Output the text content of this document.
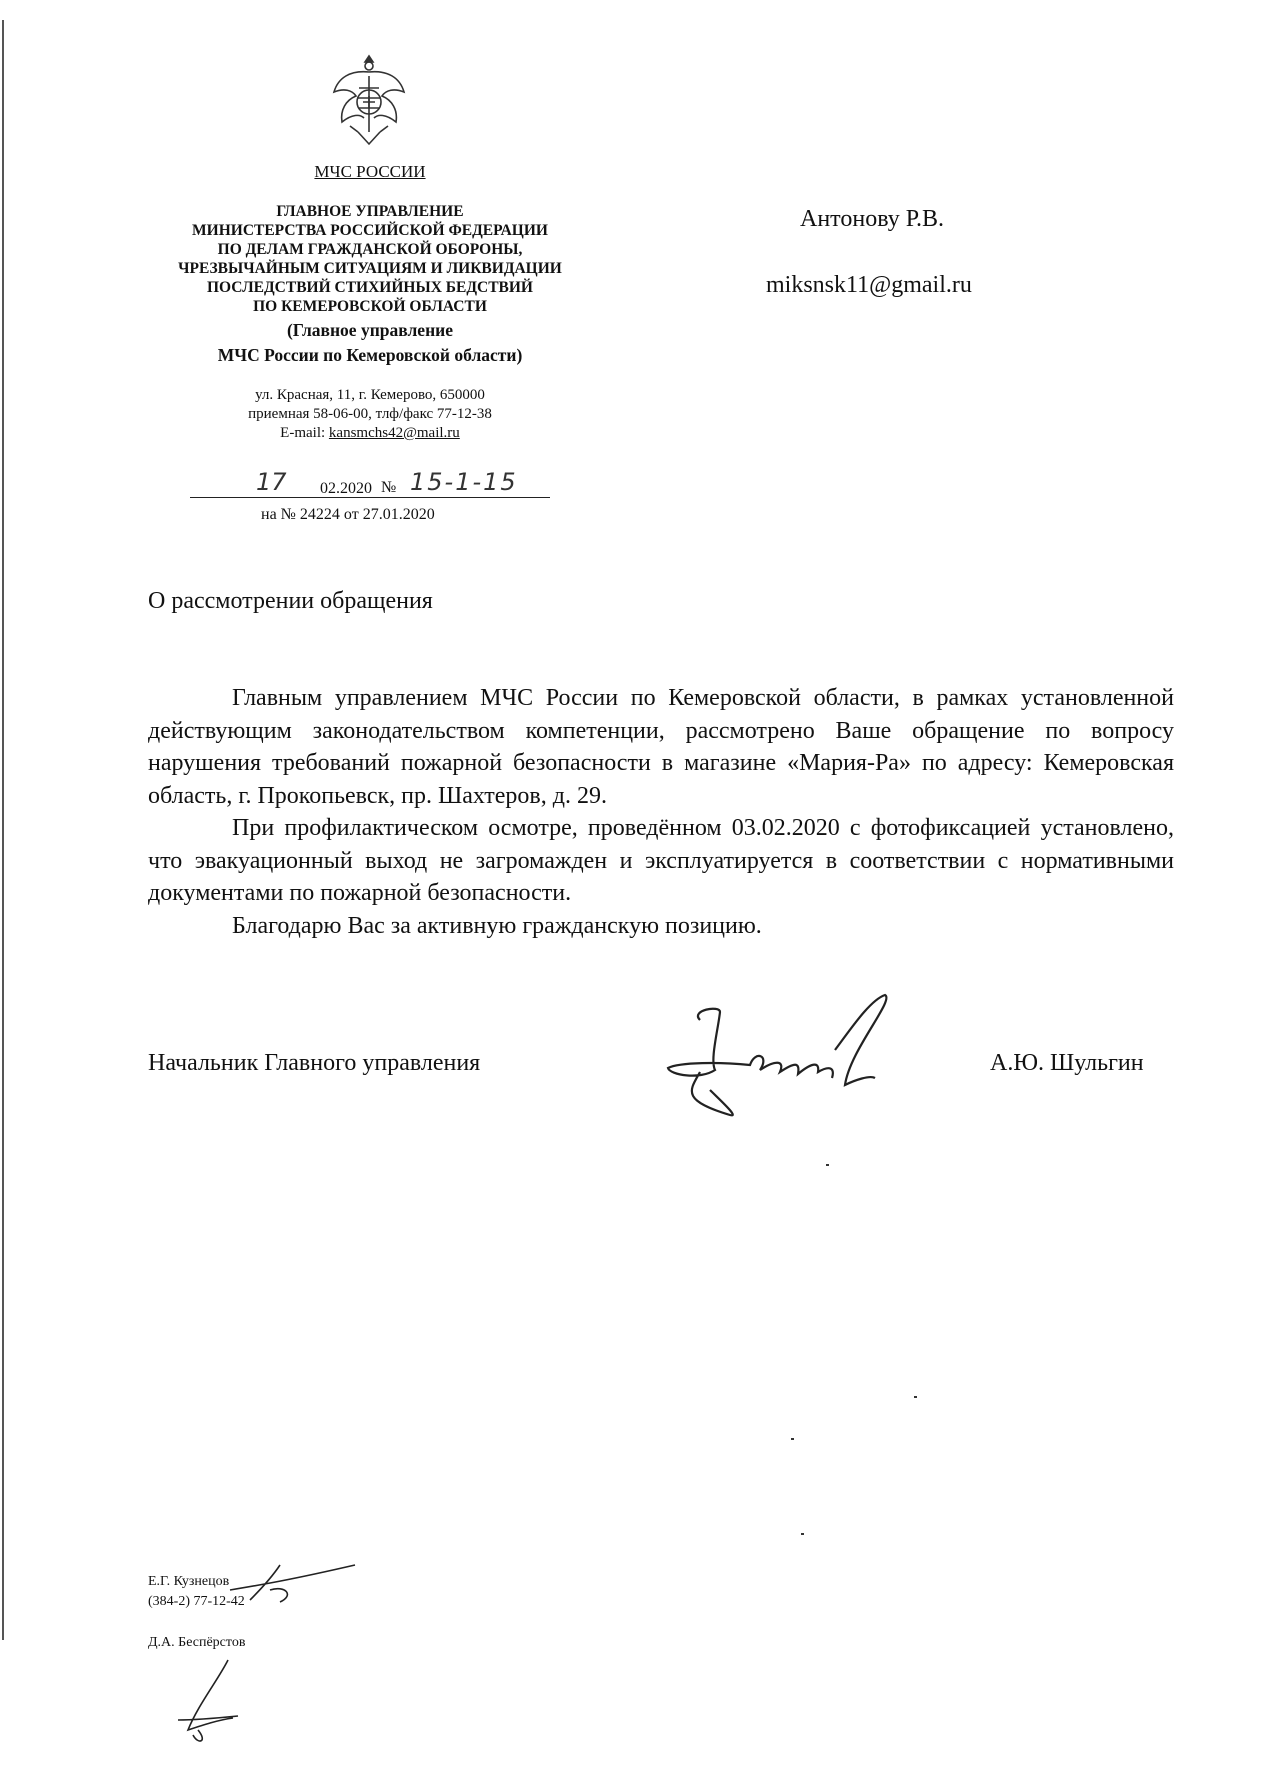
МЧС РОССИИ
ГЛАВНОЕ УПРАВЛЕНИЕ
МИНИСТЕРСТВА РОССИЙСКОЙ ФЕДЕРАЦИИ
ПО ДЕЛАМ ГРАЖДАНСКОЙ ОБОРОНЫ,
ЧРЕЗВЫЧАЙНЫМ СИТУАЦИЯМ И ЛИКВИДАЦИИ
ПОСЛЕДСТВИЙ СТИХИЙНЫХ БЕДСТВИЙ
ПО КЕМЕРОВСКОЙ ОБЛАСТИ
(Главное управление
МЧС России по Кемеровской области)
ул. Красная, 11, г. Кемерово, 650000
приемная 58-06-00, тлф/факс 77-12-38
E-mail: kansmchs42@mail.ru
17 02.2020 № 15-1-15
на № 24224 от 27.01.2020
Антонову Р.В.
miksnsk11@gmail.ru
О рассмотрении обращения

Главным управлением МЧС России по Кемеровской области, в рамках установленной действующим законодательством компетенции, рассмотрено Ваше обращение по вопросу нарушения требований пожарной безопасности в магазине «Мария-Ра» по адресу: Кемеровская область, г. Прокопьевск, пр. Шахтеров, д. 29.

При профилактическом осмотре, проведённом 03.02.2020 с фотофиксацией установлено, что эвакуационный выход не загромажден и эксплуатируется в соответствии с нормативными документами по пожарной безопасности.

Благодарю Вас за активную гражданскую позицию.

Начальник Главного управления	А.Ю. Шульгин
Е.Г. Кузнецов
(384-2) 77-12-42
Д.А. Беспёрстов
